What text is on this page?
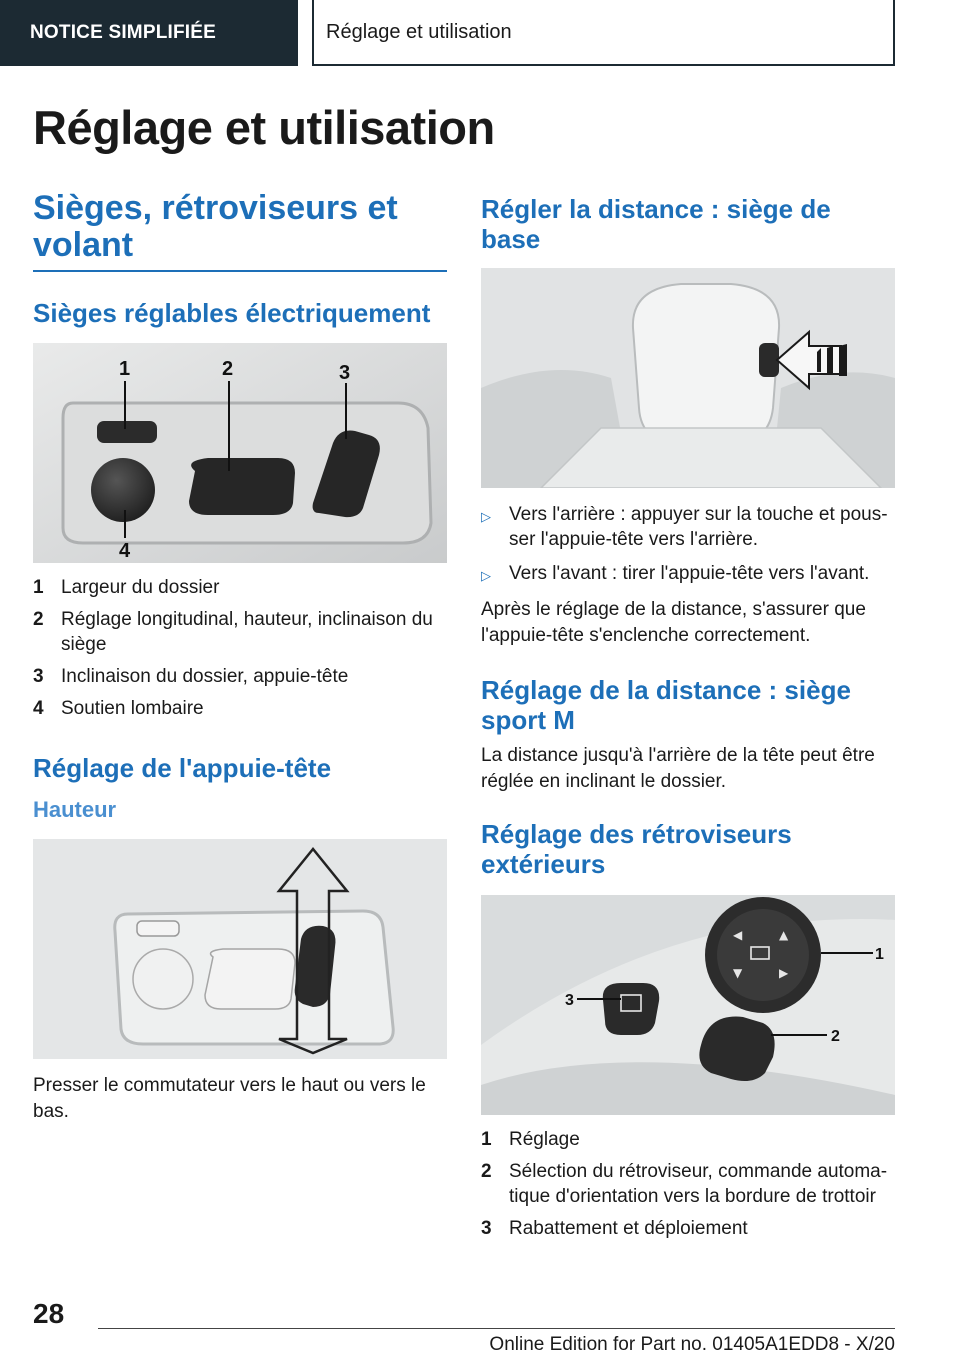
NOTICE SIMPLIFIÉE	Réglage et utilisation
Réglage et utilisation
Sièges, rétroviseurs et volant
Sièges réglables électriquement
1	2	3
4
1 Largeur du dossier
2 Réglage longitudinal, hauteur, inclinaison du siège
3 Inclinaison du dossier, appuie-tête
4 Soutien lombaire
Réglage de l'appuie-tête
Hauteur

Presser le commutateur vers le haut ou vers le bas.

Régler la distance : siège de base
▷ Vers l'arrière : appuyer sur la touche et pous-ser l'appuie-tête vers l'arrière.
▷ Vers l'avant : tirer l'appuie-tête vers l'avant.

Après le réglage de la distance, s'assurer que l'appuie-tête s'enclenche correctement.

Réglage de la distance : siège sport M

La distance jusqu'à l'arrière de la tête peut être réglée en inclinant le dossier.

Réglage des rétroviseurs extérieurs
◀	▲
▼	▶
1
2
3
1 Réglage
2 Sélection du rétroviseur, commande automa-tique d'orientation vers la bordure de trottoir
3 Rabattement et déploiement
28
Online Edition for Part no. 01405A1EDD8 - X/20
